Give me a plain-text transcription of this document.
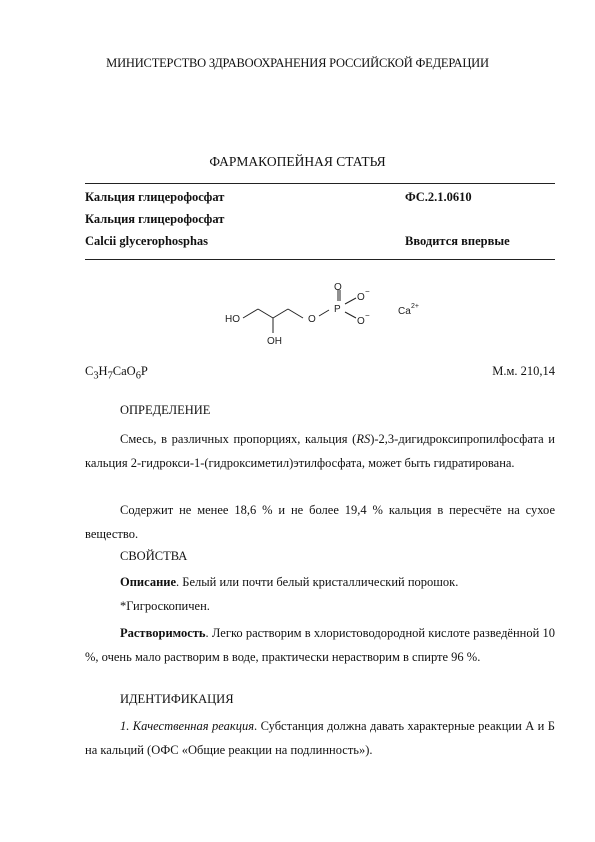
МИНИСТЕРСТВО ЗДРАВООХРАНЕНИЯ РОССИЙСКОЙ ФЕДЕРАЦИИ
ФАРМАКОПЕЙНАЯ СТАТЬЯ
Кальция глицерофосфат	ФС.2.1.0610
Кальция глицерофосфат
Calcii glycerophosphas	Вводится впервые
HO
OH
O
P
O
O
O
−
−	Ca 2+
$C_3H_7CaO_6P$	М.м. 210,14
ОПРЕДЕЛЕНИЕ
Смесь, в различных пропорциях, кальция (RS)-2,3-дигидроксипропилфосфата и кальция 2-гидрокси-1-(гидроксиметил)этилфосфата, может быть гидратирована.
Содержит не менее 18,6 % и не более 19,4 % кальция в пересчёте на сухое вещество.
СВОЙСТВА
Описание. Белый или почти белый кристаллический порошок.
*Гигроскопичен.
Растворимость. Легко растворим в хлористоводородной кислоте разведённой 10 %, очень мало растворим в воде, практически нерастворим в спирте 96 %.
ИДЕНТИФИКАЦИЯ
1. Качественная реакция. Субстанция должна давать характерные реакции А и Б на кальций (ОФС «Общие реакции на подлинность»).
